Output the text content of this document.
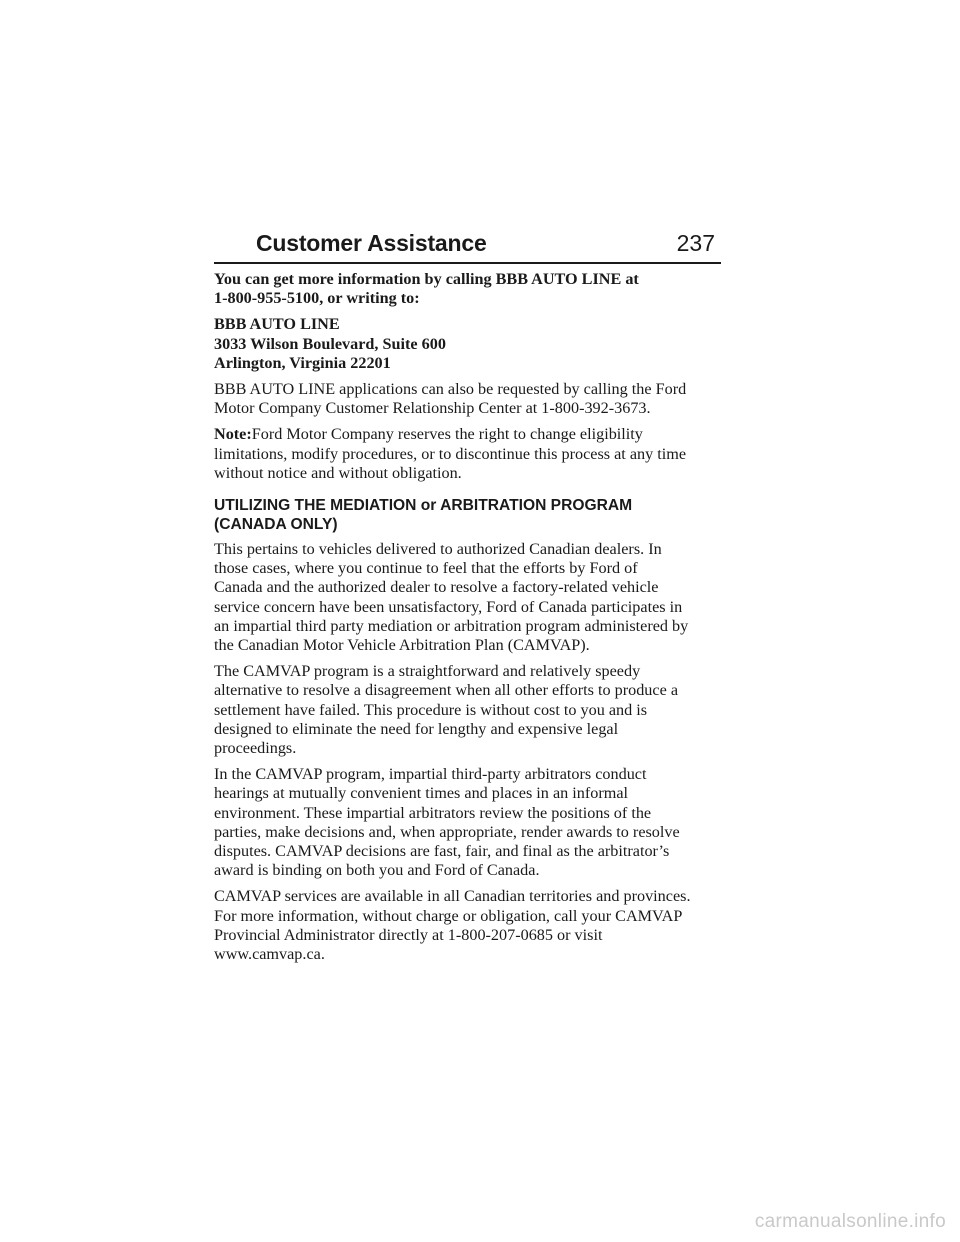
Customer Assistance	237

You can get more information by calling BBB AUTO LINE at
1-800-955-5100, or writing to:

BBB AUTO LINE
3033 Wilson Boulevard, Suite 600
Arlington, Virginia 22201

BBB AUTO LINE applications can also be requested by calling the Ford
Motor Company Customer Relationship Center at 1-800-392-3673.

Note:Ford Motor Company reserves the right to change eligibility
limitations, modify procedures, or to discontinue this process at any time
without notice and without obligation.

UTILIZING THE MEDIATION or ARBITRATION PROGRAM
(CANADA ONLY)

This pertains to vehicles delivered to authorized Canadian dealers. In
those cases, where you continue to feel that the efforts by Ford of
Canada and the authorized dealer to resolve a factory-related vehicle
service concern have been unsatisfactory, Ford of Canada participates in
an impartial third party mediation or arbitration program administered by
the Canadian Motor Vehicle Arbitration Plan (CAMVAP).

The CAMVAP program is a straightforward and relatively speedy
alternative to resolve a disagreement when all other efforts to produce a
settlement have failed. This procedure is without cost to you and is
designed to eliminate the need for lengthy and expensive legal
proceedings.

In the CAMVAP program, impartial third-party arbitrators conduct
hearings at mutually convenient times and places in an informal
environment. These impartial arbitrators review the positions of the
parties, make decisions and, when appropriate, render awards to resolve
disputes. CAMVAP decisions are fast, fair, and final as the arbitrator’s
award is binding on both you and Ford of Canada.

CAMVAP services are available in all Canadian territories and provinces.
For more information, without charge or obligation, call your CAMVAP
Provincial Administrator directly at 1-800-207-0685 or visit
www.camvap.ca.

carmanualsonline.info
